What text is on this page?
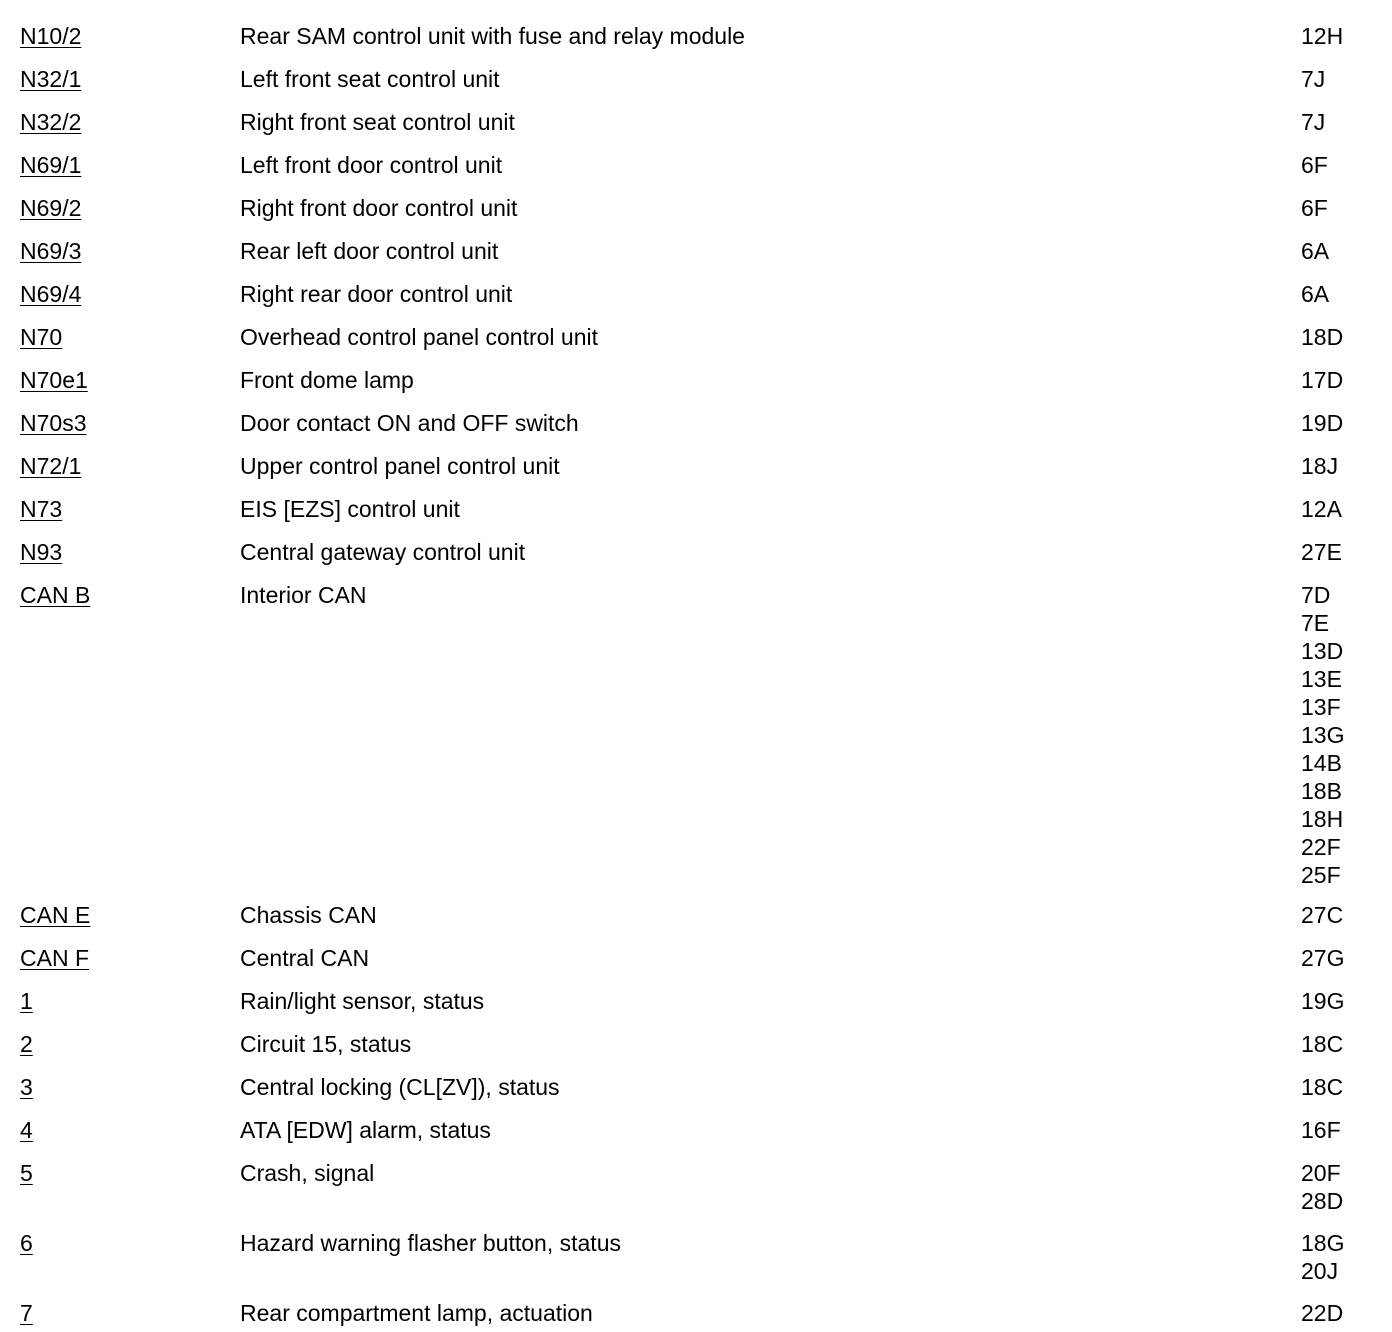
N10/2	Rear SAM control unit with fuse and relay module	12H
N32/1	Left front seat control unit	7J
N32/2	Right front seat control unit	7J
N69/1	Left front door control unit	6F
N69/2	Right front door control unit	6F
N69/3	Rear left door control unit	6A
N69/4	Right rear door control unit	6A
N70	Overhead control panel control unit	18D
N70e1	Front dome lamp	17D
N70s3	Door contact ON and OFF switch	19D
N72/1	Upper control panel control unit	18J
N73	EIS [EZS] control unit	12A
N93	Central gateway control unit	27E
CAN B	Interior CAN	7D
7E
13D
13E
13F
13G
14B
18B
18H
22F
25F
CAN E	Chassis CAN	27C
CAN F	Central CAN	27G
1	Rain/light sensor, status	19G
2	Circuit 15, status	18C
3	Central locking (CL[ZV]), status	18C
4	ATA [EDW] alarm, status	16F
5	Crash, signal	20F
28D
6	Hazard warning flasher button, status	18G
20J
7	Rear compartment lamp, actuation	22D
